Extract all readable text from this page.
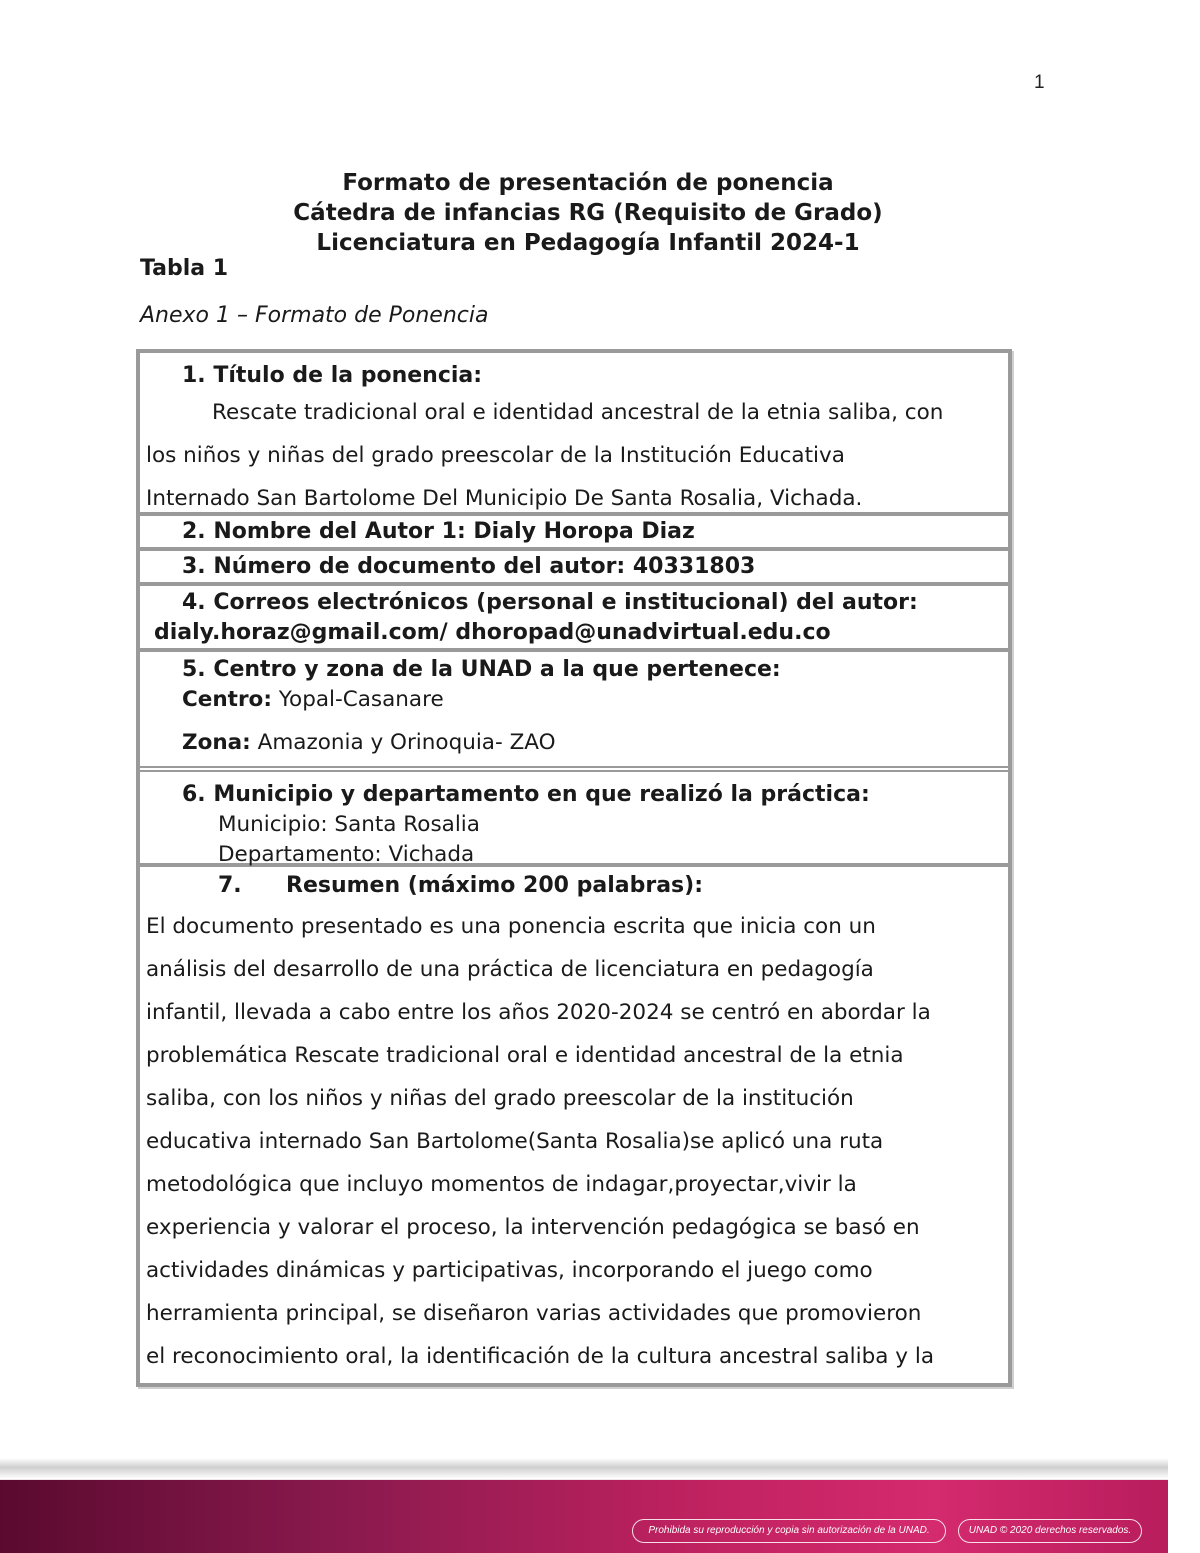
1
Formato de presentación de ponencia
Cátedra de infancias RG (Requisito de Grado)
Licenciatura en Pedagogía Infantil 2024-1
Tabla 1
Anexo 1 – Formato de Ponencia
1. Título de la ponencia:
Rescate tradicional oral e identidad ancestral de la etnia saliba, con
los niños y niñas del grado preescolar de la Institución Educativa
Internado San Bartolome Del Municipio De Santa Rosalia, Vichada.
2. Nombre del Autor 1: Dialy Horopa Diaz
3. Número de documento del autor: 40331803
4. Correos electrónicos (personal e institucional) del autor:
dialy.horaz@gmail.com/ dhoropad@unadvirtual.edu.co
5. Centro y zona de la UNAD a la que pertenece:
Centro: Yopal-Casanare
Zona: Amazonia y Orinoquia- ZAO
6. Municipio y departamento en que realizó la práctica:
Municipio: Santa Rosalia
Departamento: Vichada
7. Resumen (máximo 200 palabras):
El documento presentado es una ponencia escrita que inicia con un
análisis del desarrollo de una práctica de licenciatura en pedagogía
infantil, llevada a cabo entre los años 2020-2024 se centró en abordar la
problemática Rescate tradicional oral e identidad ancestral de la etnia
saliba, con los niños y niñas del grado preescolar de la institución
educativa internado San Bartolome(Santa Rosalia)se aplicó una ruta
metodológica que incluyo momentos de indagar,proyectar,vivir la
experiencia y valorar el proceso, la intervención pedagógica se basó en
actividades dinámicas y participativas, incorporando el juego como
herramienta principal, se diseñaron varias actividades que promovieron
el reconocimiento oral, la identificación de la cultura ancestral saliba y la
Prohibida su reproducción y copia sin autorización de la UNAD.	UNAD © 2020 derechos reservados.
